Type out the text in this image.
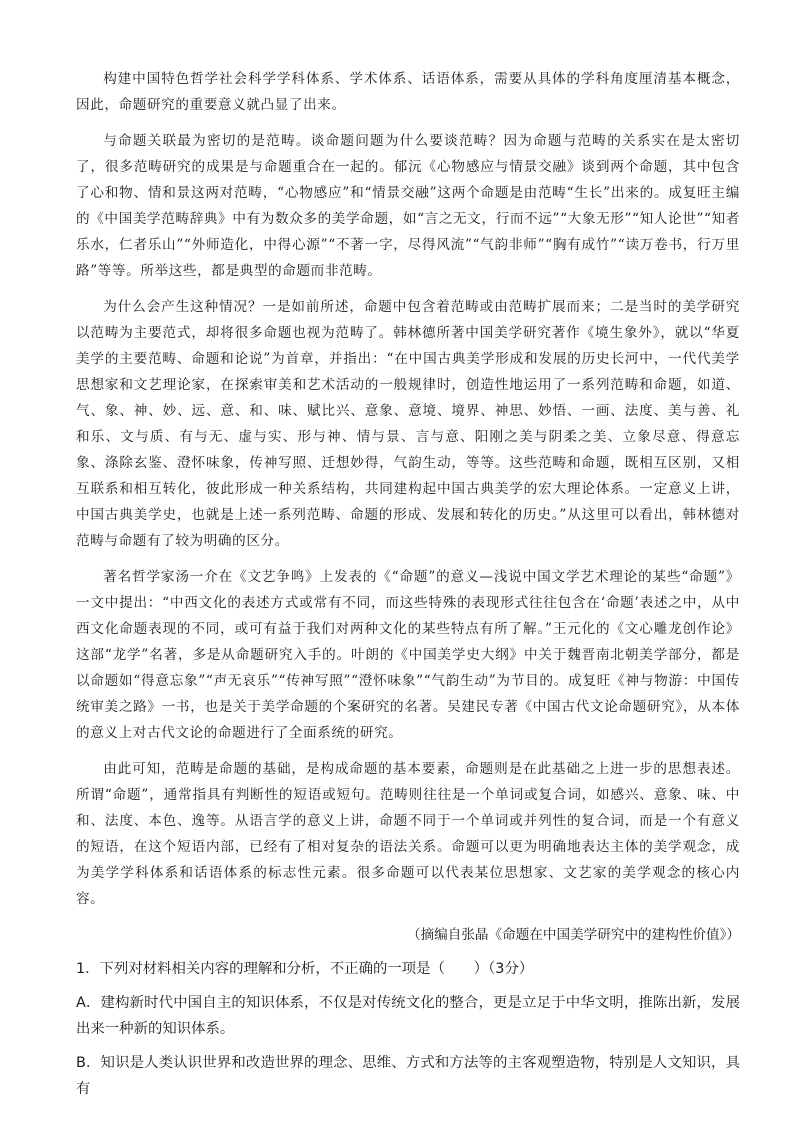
构建中国特色哲学社会科学学科体系、学术体系、话语体系，需要从具体的学科角度厘清基本概念，因此，命题研究的重要意义就凸显了出来。

与命题关联最为密切的是范畴。谈命题问题为什么要谈范畴？因为命题与范畴的关系实在是太密切了，很多范畴研究的成果是与命题重合在一起的。郁沅《心物感应与情景交融》谈到两个命题，其中包含了心和物、情和景这两对范畴，“心物感应”和“情景交融”这两个命题是由范畴“生长”出来的。成复旺主编的《中国美学范畴辞典》中有为数众多的美学命题，如“言之无文，行而不远”“大象无形”“知人论世”“知者乐水，仁者乐山”“外师造化，中得心源”“不著一字，尽得风流”“气韵非师”“胸有成竹”“读万卷书，行万里路”等等。所举这些，都是典型的命题而非范畴。

为什么会产生这种情况？一是如前所述，命题中包含着范畴或由范畴扩展而来；二是当时的美学研究以范畴为主要范式，却将很多命题也视为范畴了。韩林德所著中国美学研究著作《境生象外》，就以“华夏美学的主要范畴、命题和论说”为首章，并指出：“在中国古典美学形成和发展的历史长河中，一代代美学思想家和文艺理论家，在探索审美和艺术活动的一般规律时，创造性地运用了一系列范畴和命题，如道、气、象、神、妙、远、意、和、味、赋比兴、意象、意境、境界、神思、妙悟、一画、法度、美与善、礼和乐、文与质、有与无、虚与实、形与神、情与景、言与意、阳刚之美与阴柔之美、立象尽意、得意忘象、涤除玄鉴、澄怀味象，传神写照、迁想妙得，气韵生动，等等。这些范畴和命题，既相互区别，又相互联系和相互转化，彼此形成一种关系结构，共同建构起中国古典美学的宏大理论体系。一定意义上讲，中国古典美学史，也就是上述一系列范畴、命题的形成、发展和转化的历史。”从这里可以看出，韩林德对范畴与命题有了较为明确的区分。

著名哲学家汤一介在《文艺争鸣》上发表的《“命题”的意义—浅说中国文学艺术理论的某些“命题”》一文中提出：“中西文化的表述方式或常有不同，而这些特殊的表现形式往往包含在‘命题’表述之中，从中西文化命题表现的不同，或可有益于我们对两种文化的某些特点有所了解。”王元化的《文心雕龙创作论》这部“龙学”名著，多是从命题研究入手的。叶朗的《中国美学史大纲》中关于魏晋南北朝美学部分，都是以命题如“得意忘象”“声无哀乐”“传神写照”“澄怀味象”“气韵生动”为节目的。成复旺《神与物游：中国传统审美之路》一书，也是关于美学命题的个案研究的名著。吴建民专著《中国古代文论命题研究》，从本体的意义上对古代文论的命题进行了全面系统的研究。

由此可知，范畴是命题的基础，是构成命题的基本要素，命题则是在此基础之上进一步的思想表述。所谓“命题”，通常指具有判断性的短语或短句。范畴则往往是一个单词或复合词，如感兴、意象、味、中和、法度、本色、逸等。从语言学的意义上讲，命题不同于一个单词或并列性的复合词，而是一个有意义的短语，在这个短语内部，已经有了相对复杂的语法关系。命题可以更为明确地表达主体的美学观念，成为美学学科体系和话语体系的标志性元素。很多命题可以代表某位思想家、文艺家的美学观念的核心内容。

（摘编自张晶《命题在中国美学研究中的建构性价值》）

1．下列对材料相关内容的理解和分析，不正确的一项是（　　）（3分）

A．建构新时代中国自主的知识体系，不仅是对传统文化的整合，更是立足于中华文明，推陈出新，发展出来一种新的知识体系。

B．知识是人类认识世界和改造世界的理念、思维、方式和方法等的主客观塑造物，特别是人文知识，具有
